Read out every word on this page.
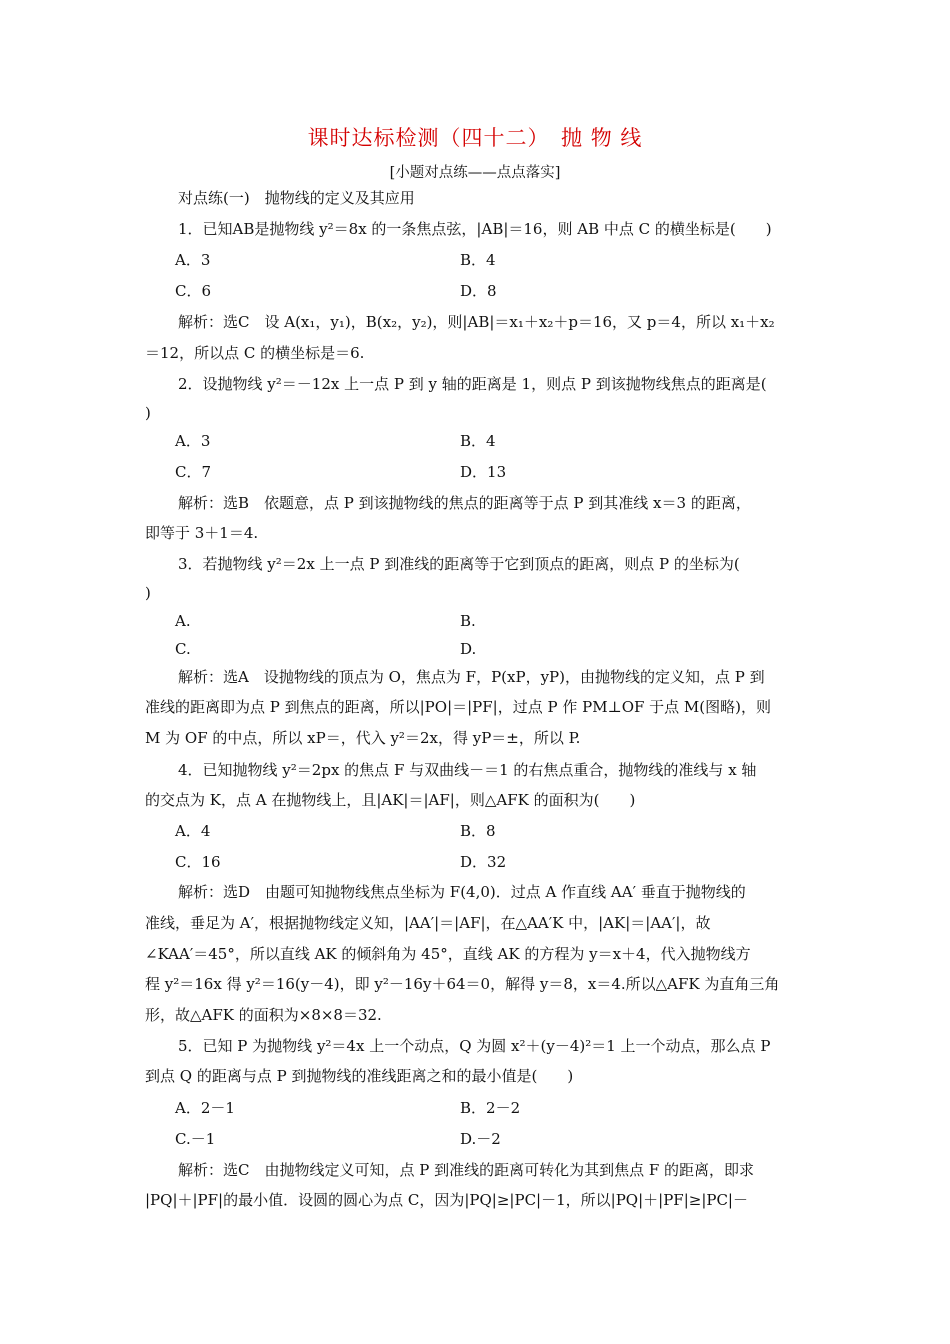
课时达标检测（四十二）　抛 物 线
[小题对点练——点点落实]
对点练(一)　抛物线的定义及其应用
1．已知AB是抛物线 y²＝8x 的一条焦点弦，|AB|＝16，则 AB 中点 C 的横坐标是(　　)
A．3	B．4
C．6	D．8
解析：选C　设 A(x₁，y₁)，B(x₂，y₂)，则|AB|＝x₁＋x₂＋p＝16，又 p＝4，所以 x₁＋x₂
＝12，所以点 C 的横坐标是＝6.
2．设抛物线 y²＝－12x 上一点 P 到 y 轴的距离是 1，则点 P 到该抛物线焦点的距离是(
)
A．3	B．4
C．7	D．13
解析：选B　依题意，点 P 到该抛物线的焦点的距离等于点 P 到其准线 x＝3 的距离，
即等于 3＋1＝4.
3．若抛物线 y²＝2x 上一点 P 到准线的距离等于它到顶点的距离，则点 P 的坐标为(
)
A.	B.
C.	D.
解析：选A　设抛物线的顶点为 O，焦点为 F，P(xP，yP)，由抛物线的定义知，点 P 到
准线的距离即为点 P 到焦点的距离，所以|PO|＝|PF|，过点 P 作 PM⊥OF 于点 M(图略)，则
M 为 OF 的中点，所以 xP＝，代入 y²＝2x，得 yP＝±，所以 P.
4．已知抛物线 y²＝2px 的焦点 F 与双曲线－＝1 的右焦点重合，抛物线的准线与 x 轴
的交点为 K，点 A 在抛物线上，且|AK|＝|AF|，则△AFK 的面积为(　　)
A．4	B．8
C．16	D．32
解析：选D　由题可知抛物线焦点坐标为 F(4,0)．过点 A 作直线 AA′ 垂直于抛物线的
准线，垂足为 A′，根据抛物线定义知，|AA′|＝|AF|，在△AA′K 中，|AK|＝|AA′|，故
∠KAA′＝45°，所以直线 AK 的倾斜角为 45°，直线 AK 的方程为 y＝x＋4，代入抛物线方
程 y²＝16x 得 y²＝16(y－4)，即 y²－16y＋64＝0，解得 y＝8，x＝4.所以△AFK 为直角三角
形，故△AFK 的面积为×8×8＝32.
5．已知 P 为抛物线 y²＝4x 上一个动点，Q 为圆 x²＋(y－4)²＝1 上一个动点，那么点 P
到点 Q 的距离与点 P 到抛物线的准线距离之和的最小值是(　　)
A．2－1	B．2－2
C.－1	D.－2
解析：选C　由抛物线定义可知，点 P 到准线的距离可转化为其到焦点 F 的距离，即求
|PQ|＋|PF|的最小值．设圆的圆心为点 C，因为|PQ|≥|PC|－1，所以|PQ|＋|PF|≥|PC|－
